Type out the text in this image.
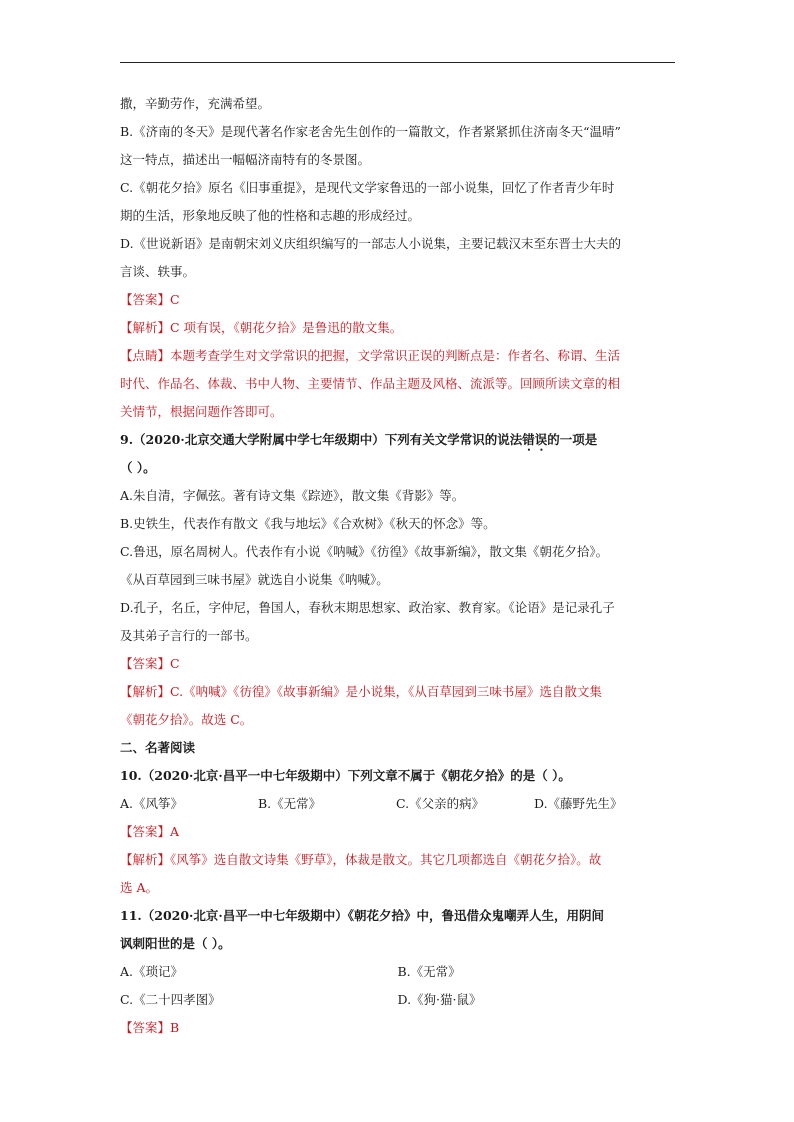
撒，辛勤劳作，充满希望。
B.《济南的冬天》是现代著名作家老舍先生创作的一篇散文，作者紧紧抓住济南冬天“温晴”
这一特点，描述出一幅幅济南特有的冬景图。
C.《朝花夕拾》原名《旧事重提》，是现代文学家鲁迅的一部小说集，回忆了作者青少年时
期的生活，形象地反映了他的性格和志趣的形成经过。
D.《世说新语》是南朝宋刘义庆组织编写的一部志人小说集，主要记载汉末至东晋士大夫的
言谈、轶事。
【答案】C
【解析】C 项有误，《朝花夕拾》是鲁迅的散文集。
【点睛】本题考查学生对文学常识的把握，文学常识正误的判断点是：作者名、称谓、生活
时代、作品名、体裁、书中人物、主要情节、作品主题及风格、流派等。回顾所读文章的相
关情节，根据问题作答即可。
9.（2020·北京交通大学附属中学七年级期中）下列有关文学常识的说法错误的一项是
（ ）。
A.朱自清，字佩弦。著有诗文集《踪迹》，散文集《背影》等。
B.史铁生，代表作有散文《我与地坛》《合欢树》《秋天的怀念》等。
C.鲁迅，原名周树人。代表作有小说《呐喊》《彷徨》《故事新编》，散文集《朝花夕拾》。
《从百草园到三味书屋》就选自小说集《呐喊》。
D.孔子，名丘，字仲尼，鲁国人，春秋末期思想家、政治家、教育家。《论语》是记录孔子
及其弟子言行的一部书。
【答案】C
【解析】C.《呐喊》《彷徨》《故事新编》是小说集，《从百草园到三味书屋》选自散文集
《朝花夕拾》。故选 C。
二、名著阅读
10.（2020·北京·昌平一中七年级期中）下列文章不属于《朝花夕拾》的是（ ）。
A.《风筝》	B.《无常》	C.《父亲的病》	D.《藤野先生》
【答案】A
【解析】《风筝》选自散文诗集《野草》，体裁是散文。其它几项都选自《朝花夕拾》。故
选 A。
11.（2020·北京·昌平一中七年级期中）《朝花夕拾》中，鲁迅借众鬼嘲弄人生，用阴间
讽刺阳世的是（ ）。
A.《琐记》	B.《无常》
C.《二十四孝图》	D.《狗·猫·鼠》
【答案】B
